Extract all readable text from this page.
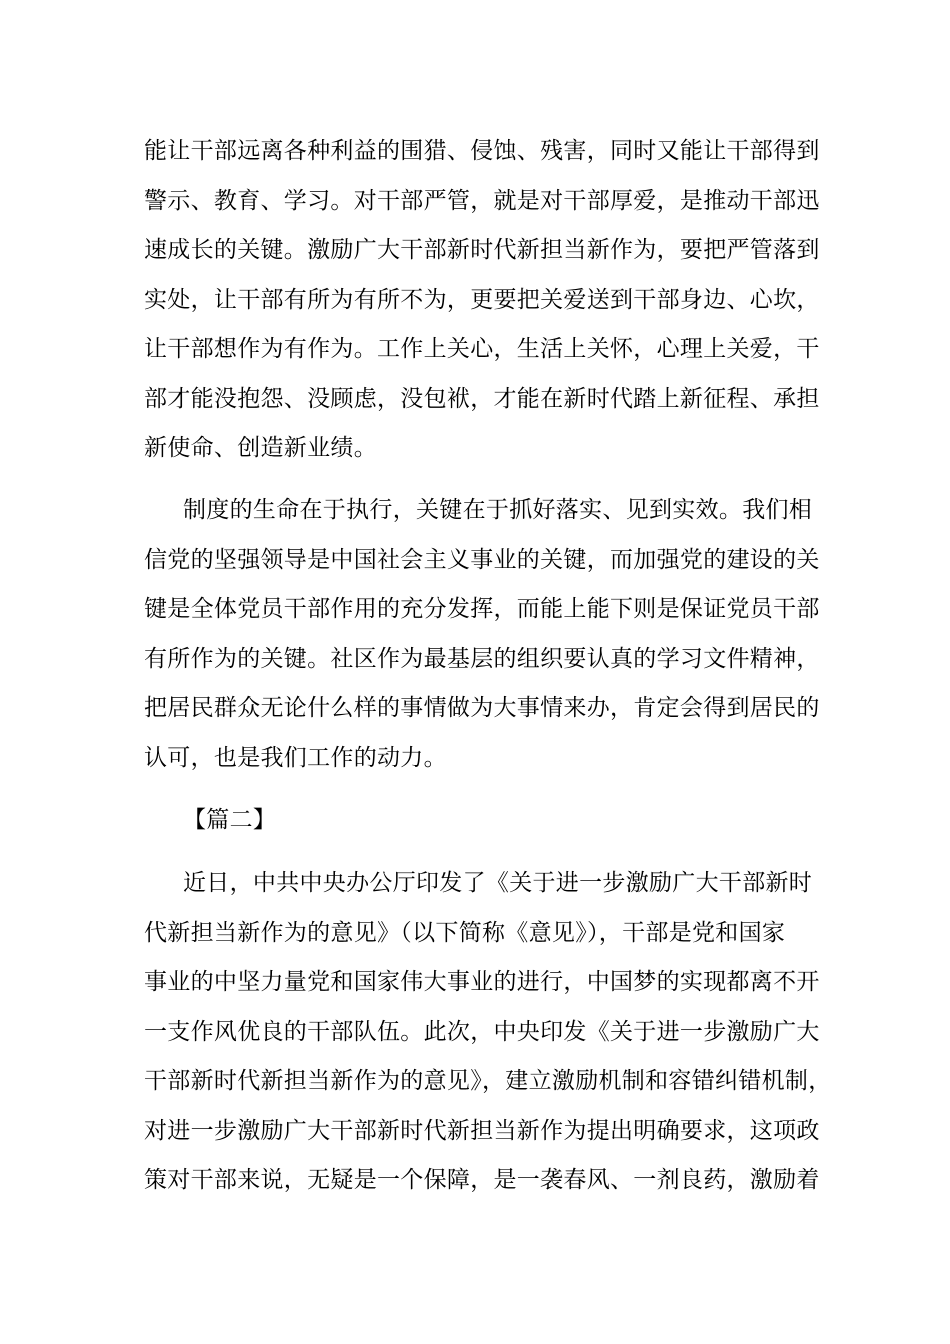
能让干部远离各种利益的围猎、侵蚀、残害，同时又能让干部得到
警示、教育、学习。对干部严管，就是对干部厚爱，是推动干部迅
速成长的关键。激励广大干部新时代新担当新作为，要把严管落到
实处，让干部有所为有所不为，更要把关爱送到干部身边、心坎，
让干部想作为有作为。工作上关心，生活上关怀，心理上关爱，干
部才能没抱怨、没顾虑，没包袱，才能在新时代踏上新征程、承担
新使命、创造新业绩。
制度的生命在于执行，关键在于抓好落实、见到实效。我们相
信党的坚强领导是中国社会主义事业的关键，而加强党的建设的关
键是全体党员干部作用的充分发挥，而能上能下则是保证党员干部
有所作为的关键。社区作为最基层的组织要认真的学习文件精神，
把居民群众无论什么样的事情做为大事情来办，肯定会得到居民的
认可，也是我们工作的动力。
【篇二】
近日，中共中央办公厅印发了《关于进一步激励广大干部新时
代新担当新作为的意见》（以下简称《意见》），干部是党和国家
事业的中坚力量党和国家伟大事业的进行，中国梦的实现都离不开
一支作风优良的干部队伍。此次，中央印发《关于进一步激励广大
干部新时代新担当新作为的意见》，建立激励机制和容错纠错机制，
对进一步激励广大干部新时代新担当新作为提出明确要求，这项政
策对干部来说，无疑是一个保障，是一袭春风、一剂良药，激励着
